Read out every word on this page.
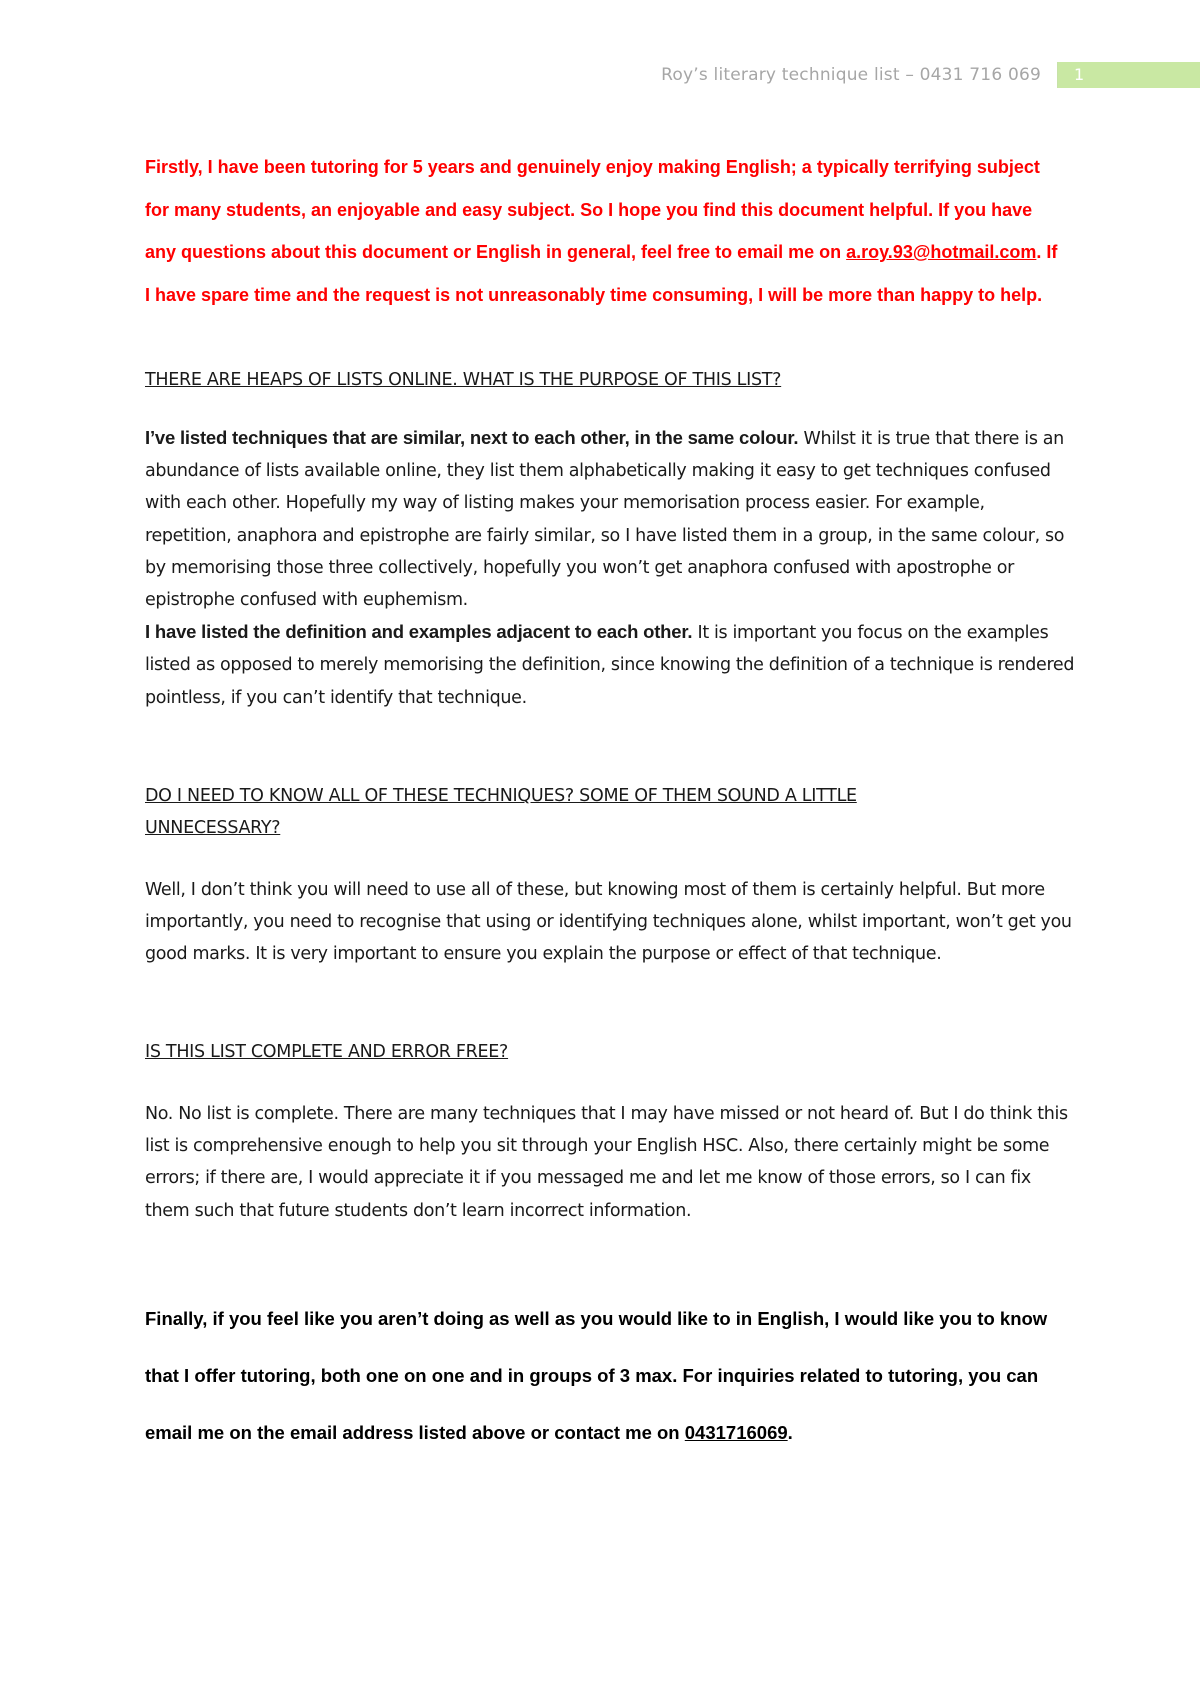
Roy’s literary technique list – 0431 716 069	1

Firstly, I have been tutoring for 5 years and genuinely enjoy making English; a typically terrifying subject for many students, an enjoyable and easy subject. So I hope you find this document helpful. If you have any questions about this document or English in general, feel free to email me on a.roy.93@hotmail.com. If I have spare time and the request is not unreasonably time consuming, I will be more than happy to help.

THERE ARE HEAPS OF LISTS ONLINE. WHAT IS THE PURPOSE OF THIS LIST?

I’ve listed techniques that are similar, next to each other, in the same colour. Whilst it is true that there is an abundance of lists available online, they list them alphabetically making it easy to get techniques confused with each other. Hopefully my way of listing makes your memorisation process easier. For example, repetition, anaphora and epistrophe are fairly similar, so I have listed them in a group, in the same colour, so by memorising those three collectively, hopefully you won’t get anaphora confused with apostrophe or epistrophe confused with euphemism.
I have listed the definition and examples adjacent to each other. It is important you focus on the examples listed as opposed to merely memorising the definition, since knowing the definition of a technique is rendered pointless, if you can’t identify that technique.

DO I NEED TO KNOW ALL OF THESE TECHNIQUES? SOME OF THEM SOUND A LITTLE UNNECESSARY?

Well, I don’t think you will need to use all of these, but knowing most of them is certainly helpful. But more importantly, you need to recognise that using or identifying techniques alone, whilst important, won’t get you good marks. It is very important to ensure you explain the purpose or effect of that technique.

IS THIS LIST COMPLETE AND ERROR FREE?

No. No list is complete. There are many techniques that I may have missed or not heard of. But I do think this list is comprehensive enough to help you sit through your English HSC. Also, there certainly might be some errors; if there are, I would appreciate it if you messaged me and let me know of those errors, so I can fix them such that future students don’t learn incorrect information.

Finally, if you feel like you aren’t doing as well as you would like to in English, I would like you to know that I offer tutoring, both one on one and in groups of 3 max. For inquiries related to tutoring, you can email me on the email address listed above or contact me on 0431716069.
